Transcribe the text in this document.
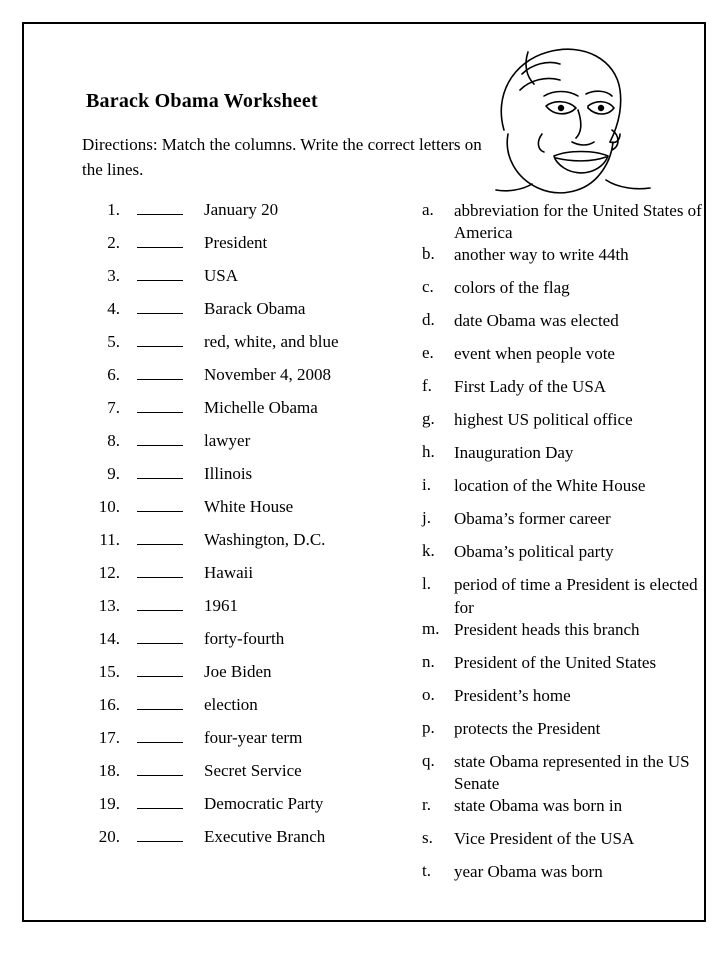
Barack Obama Worksheet
Directions: Match the columns. Write the correct letters on the lines.
1.	January 20
2.	President
3.	USA
4.	Barack Obama
5.	red, white, and blue
6.	November 4, 2008
7.	Michelle Obama
8.	lawyer
9.	Illinois
10.	White House
11.	Washington, D.C.
12.	Hawaii
13.	1961
14.	forty-fourth
15.	Joe Biden
16.	election
17.	four-year term
18.	Secret Service
19.	Democratic Party
20.	Executive Branch
a.	abbreviation for the United States of America
b.	another way to write 44th
c.	colors of the flag
d.	date Obama was elected
e.	event when people vote
f.	First Lady of the USA
g.	highest US political office
h.	Inauguration Day
i.	location of the White House
j.	Obama’s former career
k.	Obama’s political party
l.	period of time a President is elected for
m. President heads this branch
n.	President of the United States
o.	President’s home
p.	protects the President
q.	state Obama represented in the US Senate
r.	state Obama was born in
s.	Vice President of the USA
t.	year Obama was born
